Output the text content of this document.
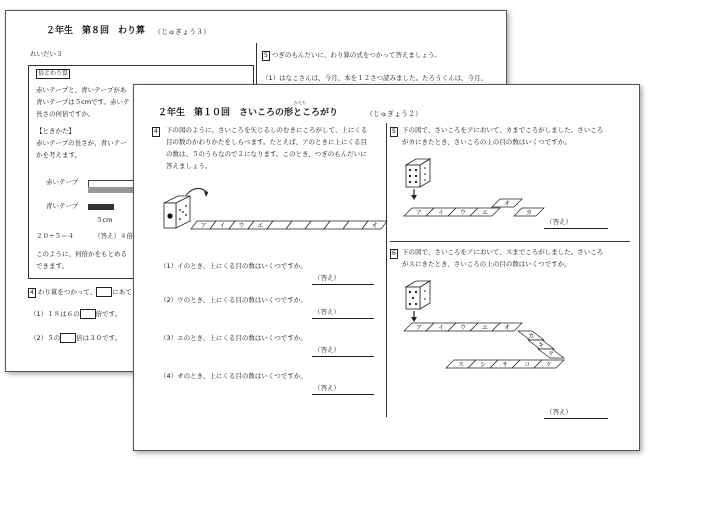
２年生　第８回　わり算 （じゅぎょう３）
れいだい３
倍とわり算
赤いテープと、青いテープがあ
青いテープは５cmです。赤いテ
長さの何倍ですか。
【ときかた】
赤いテープの長さが、青いテー
かを考えます。
赤いテープ
青いテープ
５cm
２０÷５＝４	（答え）４倍
このように、何倍かをもとめる
できます。
4 わり算をつかって、 にあて
（1）１８は６の 倍です。
（2）５の 倍は３０です。
5 つぎのもんだいに、わり算の式をつかって答えましょう。
（1）はなこさんは、今月、本を１２さつ読みました。たろうくんは、今月、
かたち
２年生　第１０回　さいころの形ところがり	（じゅぎょう２）
4	下の図のように、さいころを矢じるしのむきにころがして、上にくる
目の数のかわりかたをしらべます。たとえば、アのときに上にくる目
の数は、５のうらなので２になります。このとき、つぎのもんだいに
答えましょう。
ア イ ウ エ	オ
（1）イのとき、上にくる目の数はいくつですか。
（答え）
（2）ウのとき、上にくる目の数はいくつですか。
（答え）
（3）エのとき、上にくる目の数はいくつですか。
（答え）
（4）オのとき、上にくる目の数はいくつですか。
（答え）
5 下の図で、さいころをアにおいて、カまでころがしました。さいころ
がカにきたとき、さいころの上の目の数はいくつですか。
（答え）
6 下の図で、さいころをアにおいて、スまでころがしました。さいころ
がスにきたとき、さいころの上の目の数はいくつですか。
（答え）
ア	イ	ウ	エ
オ
カ
ア	イ	ウ	エ	オ
カ
キ
ク
ス	シ	サ	コ	ケ
